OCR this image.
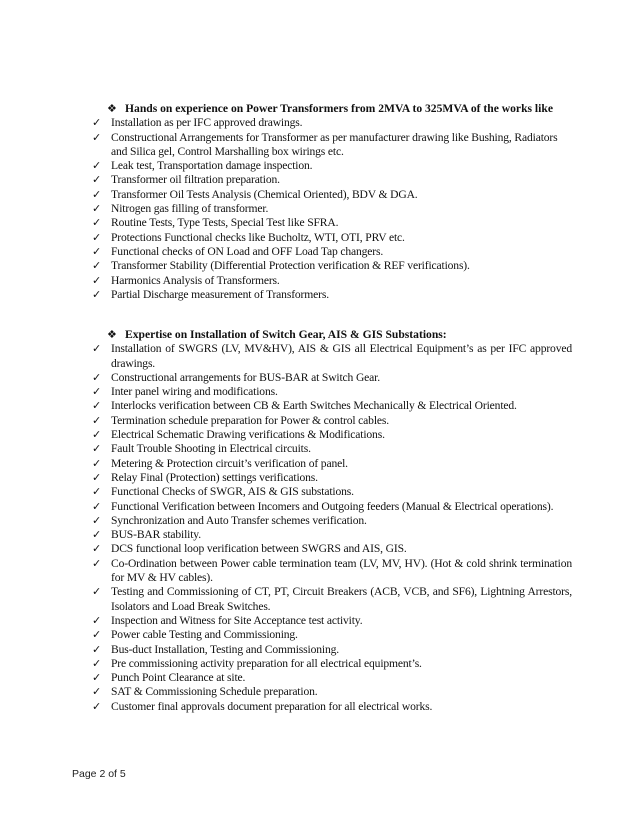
❖ Hands on experience on Power Transformers from 2MVA to 325MVA of the works like
✓ Installation as per IFC approved drawings.
✓ Constructional Arrangements for Transformer as per manufacturer drawing like Bushing, Radiators and Silica gel, Control Marshalling box wirings etc.
✓ Leak test, Transportation damage inspection.
✓ Transformer oil filtration preparation.
✓ Transformer Oil Tests Analysis (Chemical Oriented), BDV & DGA.
✓ Nitrogen gas filling of transformer.
✓ Routine Tests, Type Tests, Special Test like SFRA.
✓ Protections Functional checks like Bucholtz, WTI, OTI, PRV etc.
✓ Functional checks of ON Load and OFF Load Tap changers.
✓ Transformer Stability (Differential Protection verification & REF verifications).
✓ Harmonics Analysis of Transformers.
✓ Partial Discharge measurement of Transformers.
❖ Expertise on Installation of Switch Gear, AIS & GIS Substations:
✓ Installation of SWGRS (LV, MV&HV), AIS & GIS all Electrical Equipment’s as per IFC approved drawings.
✓ Constructional arrangements for BUS-BAR at Switch Gear.
✓ Inter panel wiring and modifications.
✓ Interlocks verification between CB & Earth Switches Mechanically & Electrical Oriented.
✓ Termination schedule preparation for Power & control cables.
✓ Electrical Schematic Drawing verifications & Modifications.
✓ Fault Trouble Shooting in Electrical circuits.
✓ Metering & Protection circuit’s verification of panel.
✓ Relay Final (Protection) settings verifications.
✓ Functional Checks of SWGR, AIS & GIS substations.
✓ Functional Verification between Incomers and Outgoing feeders (Manual & Electrical operations).
✓ Synchronization and Auto Transfer schemes verification.
✓ BUS-BAR stability.
✓ DCS functional loop verification between SWGRS and AIS, GIS.
✓ Co-Ordination between Power cable termination team (LV, MV, HV). (Hot & cold shrink termination for MV & HV cables).
✓ Testing and Commissioning of CT, PT, Circuit Breakers (ACB, VCB, and SF6), Lightning Arrestors, Isolators and Load Break Switches.
✓ Inspection and Witness for Site Acceptance test activity.
✓ Power cable Testing and Commissioning.
✓ Bus-duct Installation, Testing and Commissioning.
✓ Pre commissioning activity preparation for all electrical equipment’s.
✓ Punch Point Clearance at site.
✓ SAT & Commissioning Schedule preparation.
✓ Customer final approvals document preparation for all electrical works.
Page 2 of 5
